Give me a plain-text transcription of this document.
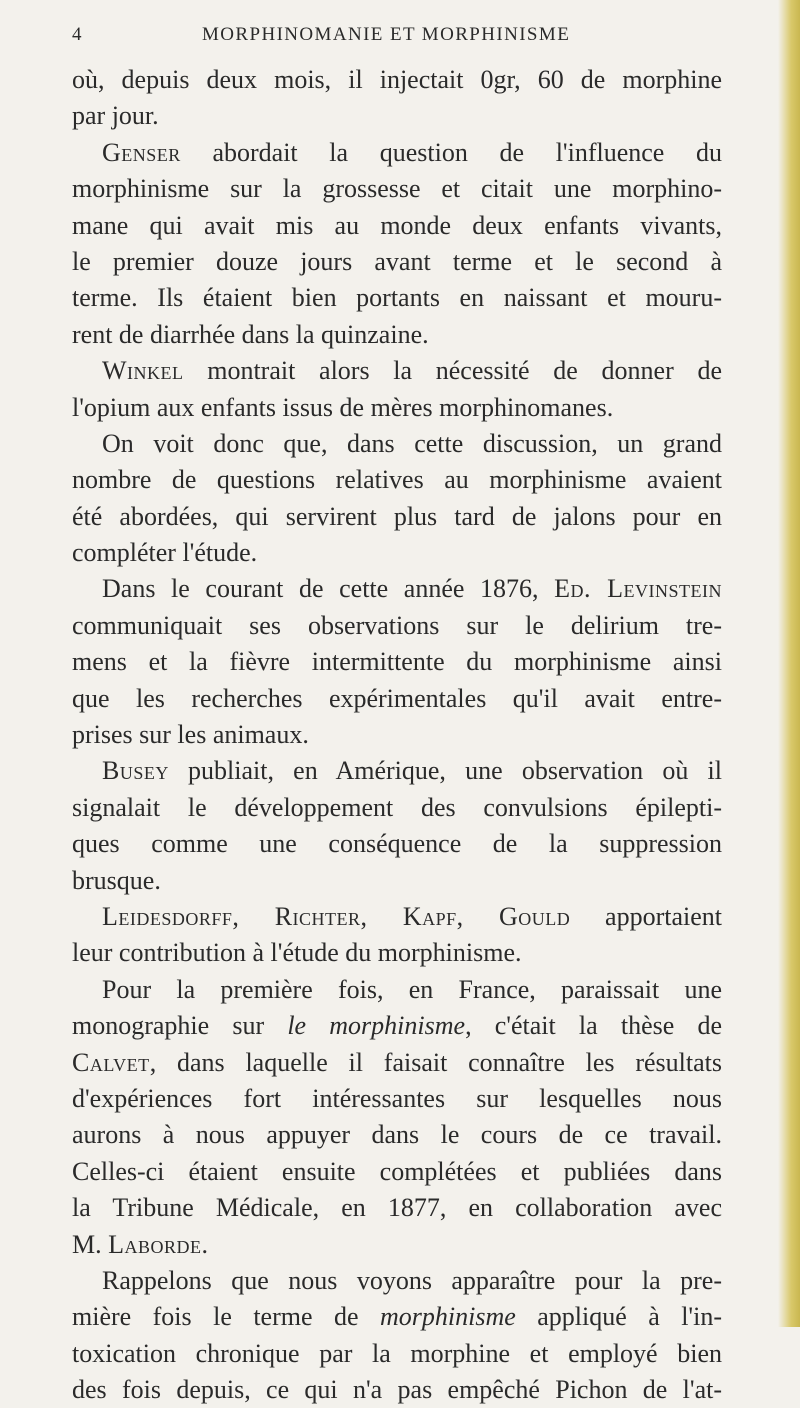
4	MORPHINOMANIE ET MORPHINISME
où, depuis deux mois, il injectait 0gr, 60 de morphine
par jour.
Genser abordait la question de l'influence du
morphinisme sur la grossesse et citait une morphino-
mane qui avait mis au monde deux enfants vivants,
le premier douze jours avant terme et le second à
terme. Ils étaient bien portants en naissant et mouru-
rent de diarrhée dans la quinzaine.
Winkel montrait alors la nécessité de donner de
l'opium aux enfants issus de mères morphinomanes.
On voit donc que, dans cette discussion, un grand
nombre de questions relatives au morphinisme avaient
été abordées, qui servirent plus tard de jalons pour en
compléter l'étude.
Dans le courant de cette année 1876, Ed. Levinstein
communiquait ses observations sur le delirium tre-
mens et la fièvre intermittente du morphinisme ainsi
que les recherches expérimentales qu'il avait entre-
prises sur les animaux.
Busey publiait, en Amérique, une observation où il
signalait le développement des convulsions épilepti-
ques comme une conséquence de la suppression
brusque.
Leidesdorff, Richter, Kapf, Gould apportaient
leur contribution à l'étude du morphinisme.
Pour la première fois, en France, paraissait une
monographie sur le morphinisme, c'était la thèse de
Calvet, dans laquelle il faisait connaître les résultats
d'expériences fort intéressantes sur lesquelles nous
aurons à nous appuyer dans le cours de ce travail.
Celles-ci étaient ensuite complétées et publiées dans
la Tribune Médicale, en 1877, en collaboration avec
M. Laborde.
Rappelons que nous voyons apparaître pour la pre-
mière fois le terme de morphinisme appliqué à l'in-
toxication chronique par la morphine et employé bien
des fois depuis, ce qui n'a pas empêché Pichon de l'at-
